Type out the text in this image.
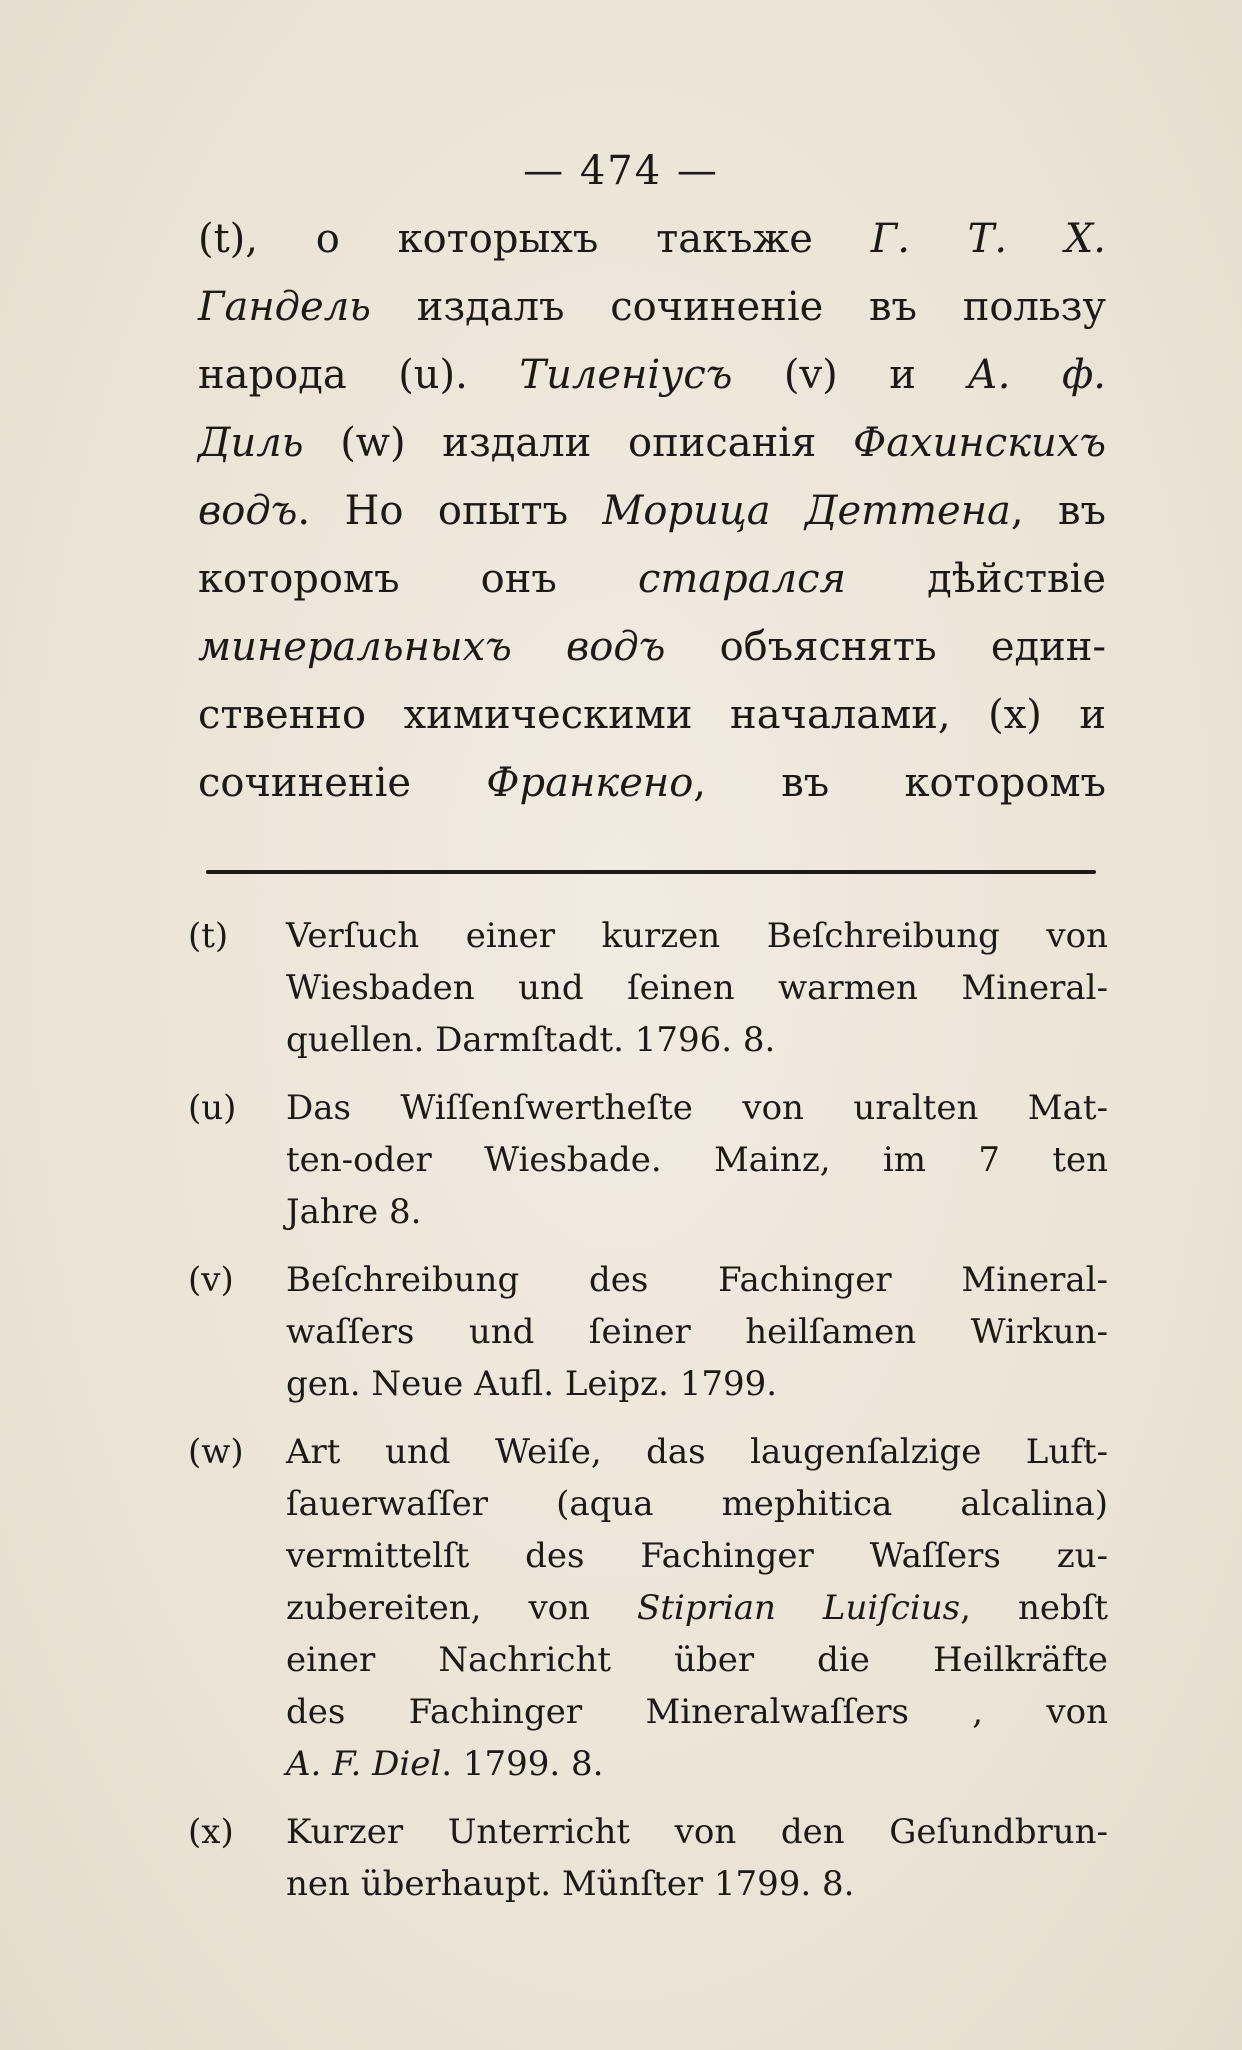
— 474 —

(t), о которыхъ такъже Г. Т. Х.

Гандель издалъ сочиненіе въ пользу

народа (u). Тиленіусъ (v) и А. ф.

Диль (w) издали описанія Фахинскихъ

водъ. Но опытъ Морица Деттена, въ

которомъ онъ старался дѣйствіе

минеральныхъ водъ объяснять един-

ственно химическими началами, (x) и

сочиненіе Франкено, въ которомъ

(t) Verſuch einer kurzen Beſchreibung von
Wiesbaden und ſeinen warmen Mineral-
quellen. Darmſtadt. 1796. 8.
(u) Das Wiſſenſwertheſte von uralten Mat-
ten-oder Wiesbade. Mainz, im 7 ten
Jahre 8.
(v) Beſchreibung des Fachinger Mineral-
waſſers und ſeiner heilſamen Wirkun-
gen. Neue Aufl. Leipz. 1799.
(w) Art und Weiſe, das laugenſalzige Luft-
ſauerwaſſer (aqua mephitica alcalina)
vermittelſt des Fachinger Waſſers zu-
zubereiten, von Stiprian Luiſcius, nebſt
einer Nachricht über die Heilkräfte
des Fachinger Mineralwaſſers , von
A. F. Diel. 1799. 8.
(x) Kurzer Unterricht von den Geſundbrun-
nen überhaupt. Münſter 1799. 8.
